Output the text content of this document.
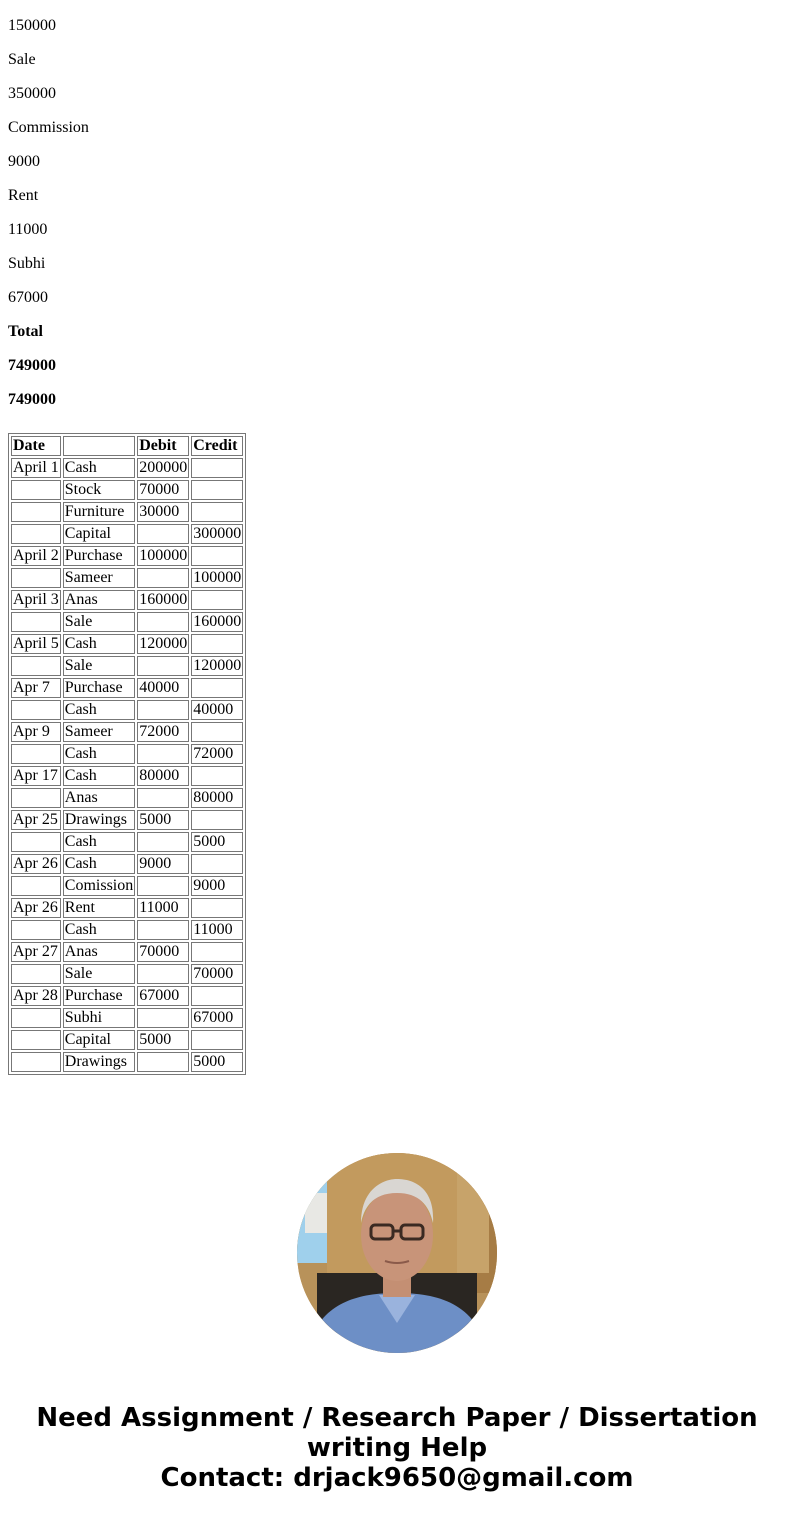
150000

Sale

350000

Commission

9000

Rent

11000

Subhi

67000

Total

749000

749000

Date		Debit	Credit
April 1	Cash	200000	
	Stock	70000	
	Furniture	30000	
	Capital		300000
April 2	Purchase	100000	
	Sameer		100000
April 3	Anas	160000	
	Sale		160000
April 5	Cash	120000	
	Sale		120000
Apr 7	Purchase	40000	
	Cash		40000
Apr 9	Sameer	72000	
	Cash		72000
Apr 17	Cash	80000	
	Anas		80000
Apr 25	Drawings	5000	
	Cash		5000
Apr 26	Cash	9000	
	Comission		9000
Apr 26	Rent	11000	
	Cash		11000
Apr 27	Anas	70000	
	Sale		70000
Apr 28	Purchase	67000	
	Subhi		67000
	Capital	5000	
	Drawings		5000
Need Assignment / Research Paper / Dissertation
writing Help
Contact: drjack9650@gmail.com
